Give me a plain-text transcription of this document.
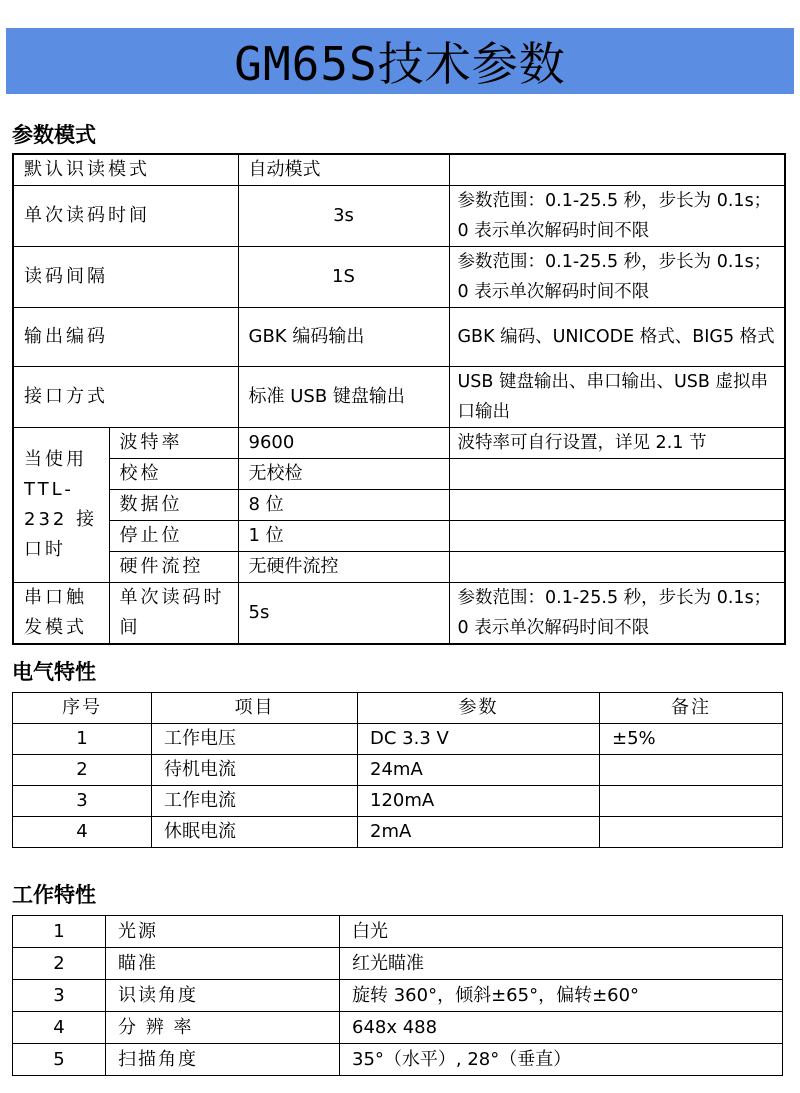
GM65S技术参数
参数模式
默认识读模式		自动模式	
单次读码时间		3s	参数范围：0.1-25.5 秒，步长为 0.1s；0 表示单次解码时间不限
读码间隔		1S	参数范围：0.1-25.5 秒，步长为 0.1s；0 表示单次解码时间不限
输出编码		GBK 编码输出	GBK 编码、UNICODE 格式、BIG5 格式
接口方式		标准 USB 键盘输出	USB 键盘输出、串口输出、USB 虚拟串口输出
当使用 TTL-232 接口时	波特率	9600	波特率可自行设置，详见 2.1 节
	校检	无校检	
	数据位	8 位	
	停止位	1 位	
	硬件流控	无硬件流控	
串口触发模式	单次读码时间	5s	参数范围：0.1-25.5 秒，步长为 0.1s；0 表示单次解码时间不限
电气特性
序号	项目	参数	备注
1	工作电压	DC 3.3 V	±5%
2	待机电流	24mA	
3	工作电流	120mA	
4	休眠电流	2mA	
工作特性
1	光源	白光
2	瞄准	红光瞄准
3	识读角度	旋转 360°，倾斜±65°，偏转±60°
4	分 辨 率	648x 488
5	扫描角度	35°（水平）, 28°（垂直）
